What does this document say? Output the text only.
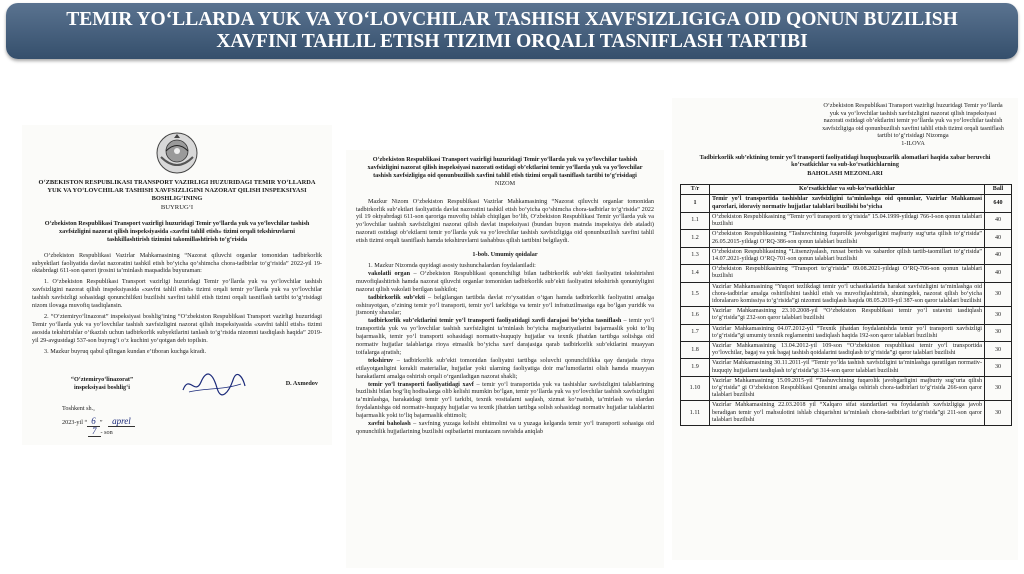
TEMIR YO‘LLARDA YUK VA YO‘LOVCHILAR TASHISH XAVFSIZLIGIGA OID QONUN BUZILISH
XAVFINI TAHLIL ETISH TIZIMI ORQALI TASNIFLASH TARTIBI
O‘ZBEKISTON RESPUBLIKASI TRANSPORT VAZIRLIGI HUZURIDAGI TEMIR YO‘LLARDA YUK VA YO‘LOVCHILAR TASHISH XAVFSIZLIGINI NAZORAT QILISH INSPEKSIYASI BOSHLIG‘INING
BUYRUG‘I
O‘zbekiston Respublikasi Transport vazirligi huzuridagi Temir yo‘llarda yuk va yo‘lovchilar tashish xavfsizligini nazorat qilish inspeksiyasida «xavfni tahlil etish» tizimi orqali tekshiruvlarni tashkillashtirish tizimini takomillashtirish to‘g‘risida
O‘zbekiston Respublikasi Vazirlar Mahkamasining “Nazorat qiluvchi organlar tomonidan tadbirkorlik subyektlari faoliyatida davlat nazoratini tashkil etish bo‘yicha qo‘shimcha chora-tadbirlar to‘g‘risida” 2022-yil 19-oktabrdagi 611-son qarori ijrosini ta’minlash maqsadida buyuraman:
1. O‘zbekiston Respublikasi Transport vazirligi huzuridagi Temir yo‘llarda yuk va yo‘lovchilar tashish xavfsizligini nazorat qilish inspeksiyasida «xavfni tahlil etish» tizimi orqali temir yo‘llarda yuk va yo‘lovchilar tashish xavfsizligi sohasidagi qonunchilikni buzilishi xavfini tahlil etish tizimi orqali tasniflash tartibi to‘g‘risidagi nizom ilovaga muvofiq tasdiqlansin.
2. “O‘ztemiryo‘linazorat” inspeksiyasi boshlig‘ining “O‘zbekiston Respublikasi Transport vazirligi huzuridagi Temir yo‘llarda yuk va yo‘lovchilar tashish xavfsizligini nazorat qilish inspeksiyasida «xavfni tahlil etish» tizimi asosida tekshirishlar o‘tkazish uchun tadbirkorlik subyektlarini tanlash to‘g‘risida nizomni tasdiqlash haqida” 2019-yil 29-avgustdagi 537-son buyrug‘i o‘z kuchini yo‘qotgan deb topilsin.
3. Mazkur buyruq qabul qilingan kundan e’tiboran kuchga kiradi.
“O‘ztemiryo‘linazorat” inspeksiyasi boshlig‘i
D. Axmedov
Toshkent sh.,
2023-yil “ 6 ” aprel
7 - son
O‘zbekiston Respublikasi Transport vazirligi huzuridagi Temir yo‘llarda yuk va yo‘lovchilar tashish xavfsizligini nazorat qilish inspeksiyasi nazorati ostidagi ob’ektlarini temir yo‘llarda yuk va yo‘lovchilar tashish xavfsizligiga oid qonunbuzilish xavfini tahlil etish tizimi orqali tasniflash tartibi to‘g‘risidagi
NIZOM
Mazkur Nizom O‘zbekiston Respublikasi Vazirlar Mahkamasining “Nazorat qiluvchi organlar tomonidan tadbirkorlik sub’ektlari faoliyatida davlat nazoratini tashkil etish bo‘yicha qo‘shimcha chora-tadbirlar to‘g‘risida” 2022 yil 19 oktyabrdagi 611-son qaroriga muvofiq ishlab chiqilgan bo‘lib, O‘zbekiston Respublikasi Temir yo‘llarda yuk va yo‘lovchilar tashish xavfsizligini nazorat qilish davlat inspeksiyasi (bundan buyon matnda inspeksiya deb ataladi) nazorati ostidagi ob’ektlarni temir yo‘llarda yuk va yo‘lovchilar tashish xavfsizligiga oid qonunbuzilish xavfini tahlil etish tizimi orqali tasniflash hamda tekshiruvlarni tashabbus qilish tartibini belgilaydi.
1-bob. Umumiy qoidalar
1. Mazkur Nizomda quyidagi asosiy tushunchalardan foydalaniladi:
vakolatli organ – O‘zbekiston Respublikasi qonunchiligi bilan tadbirkorlik sub’ekti faoliyatini tekshirishni muvofiqlashtirish hamda nazorat qiluvchi organlar tomonidan tadbirkorlik sub’ekti faoliyatini tekshirish qonuniyligini nazorat qilish vakolati berilgan tashkilot;
tadbirkorlik sub’ekti – belgilangan tartibda davlat ro‘yxatidan o‘tgan hamda tadbirkorlik faoliyatini amalga oshirayotgan, o‘zining temir yo‘l transporti, temir yo‘l tarkibiga va temir yo‘l infratuzilmasiga ega bo‘lgan yuridik va jismoniy shaxslar;
tadbirkorlik sub’ektlarini temir yo‘l transporti faoliyatidagi xavfi darajasi bo‘yicha tasniflash – temir yo‘l transportida yuk va yo‘lovchilar tashish xavfsizligini ta’minlash bo‘yicha majburiyatlarini bajarmaslik yoki to‘liq bajarmaslik, temir yo‘l transporti sohasidagi normativ-huquqiy hujjatlar va texnik jihatdan tartibga solishga oid normativ hujjatlar talablariga rioya etmaslik bo‘yicha xavf darajasiga qarab tadbirkorlik sub’ektlarini muayyan toifalarga ajratish;
tekshiruv – tadbirkorlik sub’ekti tomonidan faoliyatni tartibga soluvchi qonunchilikka qay darajada rioya etilayotganligini kerakli materiallar, hujjatlar yoki ularning faoliyatiga doir ma’lumotlarini olish hamda muayyan harakatlarni amalga oshirish orqali o‘rganiladigan nazorat shakli;
temir yo‘l transporti faoliyatidagi xavf – temir yo‘l transportida yuk va tashishlar xavfsizligini talablarining buzilishi bilan bog‘liq hodisalarga olib kelishi mumkin bo‘lgan, temir yo‘llarda yuk va yo‘lovchilar tashish xavfsizligini ta’minlashga, harakatdagi temir yo‘l tarkibi, texnik vositalarni saqlash, xizmat ko‘rsatish, ta’mirlash va ulardan foydalanishga oid normativ-huquqiy hujjatlar va texnik jihatdan tartibga solish sohasidagi normativ hujjatlar talablarini bajarmaslik yoki to‘liq bajarmaslik ehtimoli;
xavfni baholash – xavfning yuzaga kelishi ehtimolini va u yuzaga kelganda temir yo‘l transporti sohasiga oid qonunchilik hujjatlarining buzilishi oqibatlarini muntazam ravishda aniqlab
O‘zbekiston Respublikasi Transport vazirligi huzuridagi Temir yo‘llarda yuk va yo‘lovchilar tashish xavfsizligini nazorat qilish inspeksiyasi nazorati ostidagi ob’ektlarini temir yo‘llarda yuk va yo‘lovchilar tashish xavfsizligiga oid qonunbuzilish xavfini tahlil etish tizimi orqali tasniflash tartibi to‘g‘risidagi Nizomga
1-ILOVA
Tadbirkorlik sub’ektining temir yo‘l transporti faoliyatidagi huquqbuzarlik alomatlari haqida xabar beruvchi ko‘rsatkichlar va sub-ko‘rsatkichlarning
BAHOLASH MEZONLARI
T/r	Ko‘rsatkichlar va sub-ko‘rsatkichlar	Ball
1	Temir yo‘l transportida tashishlar xavfsizligini ta’minlashga oid qonunlar, Vazirlar Mahkamasi qarorlari, idoraviy normativ hujjatlar talablari buzilishi bo‘yicha	640
1.1	O‘zbekiston Respublikasining “Temir yo‘l transporti to‘g‘risida” 15.04.1999-yildagi 766-I-son qonun talablari buzilishi	40
1.2	O‘zbekiston Respublikasining “Tashuvchining fuqarolik javobgarligini majburiy sug‘urta qilish to‘g‘risida” 26.05.2015-yildagi O‘RQ-386-son qonun talablari buzilishi	40
1.3	O‘zbekiston Respublikasining “Litsenziyalash, ruxsat berish va xabardor qilish tartib-taomillari to‘g‘risida” 14.07.2021-yildagi O‘RQ-701-son qonun talablari buzilishi	40
1.4	O‘zbekiston Respublikasining “Transport to‘g‘risida” 09.08.2021-yildagi O‘RQ-706-son qonun talablari buzilishi	40
1.5	Vazirlar Mahkamasining “Yuqori tezlikdagi temir yo‘l uchastkalarida harakat xavfsizligini ta’minlashga oid chora-tadbirlar amalga oshirilishini tashkil etish va muvofiqlashtirish, shuningdek, nazorat qilish bo‘yicha idoralararo komissiya to‘g‘risida”gi nizomni tasdiqlash haqida 08.05.2019-yil 387-son qaror talablari buzilishi	30
1.6	Vazirlar Mahkamasining 23.10.2008-yil “O‘zbekiston Respublikasi temir yo‘l ustavini tasdiqlash to‘g‘risida”gi 232-son qaror talablari buzilishi	30
1.7	Vazirlar Mahkamasining 04.07.2012-yil “Texnik jihatdan foydalanishda temir yo‘l transporti xavfsizligi to‘g‘risida”gi umumiy texnik reglamentni tasdiqlash haqida 192-son qaror talablari buzilishi	30
1.8	Vazirlar Mahkamasining 13.04.2012-yil 109-son “O‘zbekiston respublikasi temir yo‘l transportida yo‘lovchilar, bagaj va yuk bagaj tashish qoidalarini tasdiqlash to‘g‘risida”gi qaror talablari buzilishi	30
1.9	Vazirlar Mahkamasining 30.11.2011-yil “Temir yo‘lda tashish xavfsizligini ta’minlashga qaratilgan normativ-huquqiy hujjatlarni tasdiqlash to‘g‘risida”gi 314-son qaror talablari buzilishi	30
1.10	Vazirlar Mahkamasining 15.09.2015-yil “Tashuvchining fuqarolik javobgarligini majburiy sug‘urta qilish to‘g‘risida” gi O‘zbekiston Respublikasi Qonunini amalga oshirish chora-tadbirlari to‘g‘risida 266-son qaror talablari buzilishi	30
1.11	Vazirlar Mahkamasining 22.03.2018 yil “Xalqaro sifat standartlari va foydalanish xavfsizligiga javob beradigan temir yo‘l mahsulotini ishlab chiqarishni ta’minlash chora-tadbirlari to‘g‘risida”gi 211-son qaror talablari buzilishi	30
